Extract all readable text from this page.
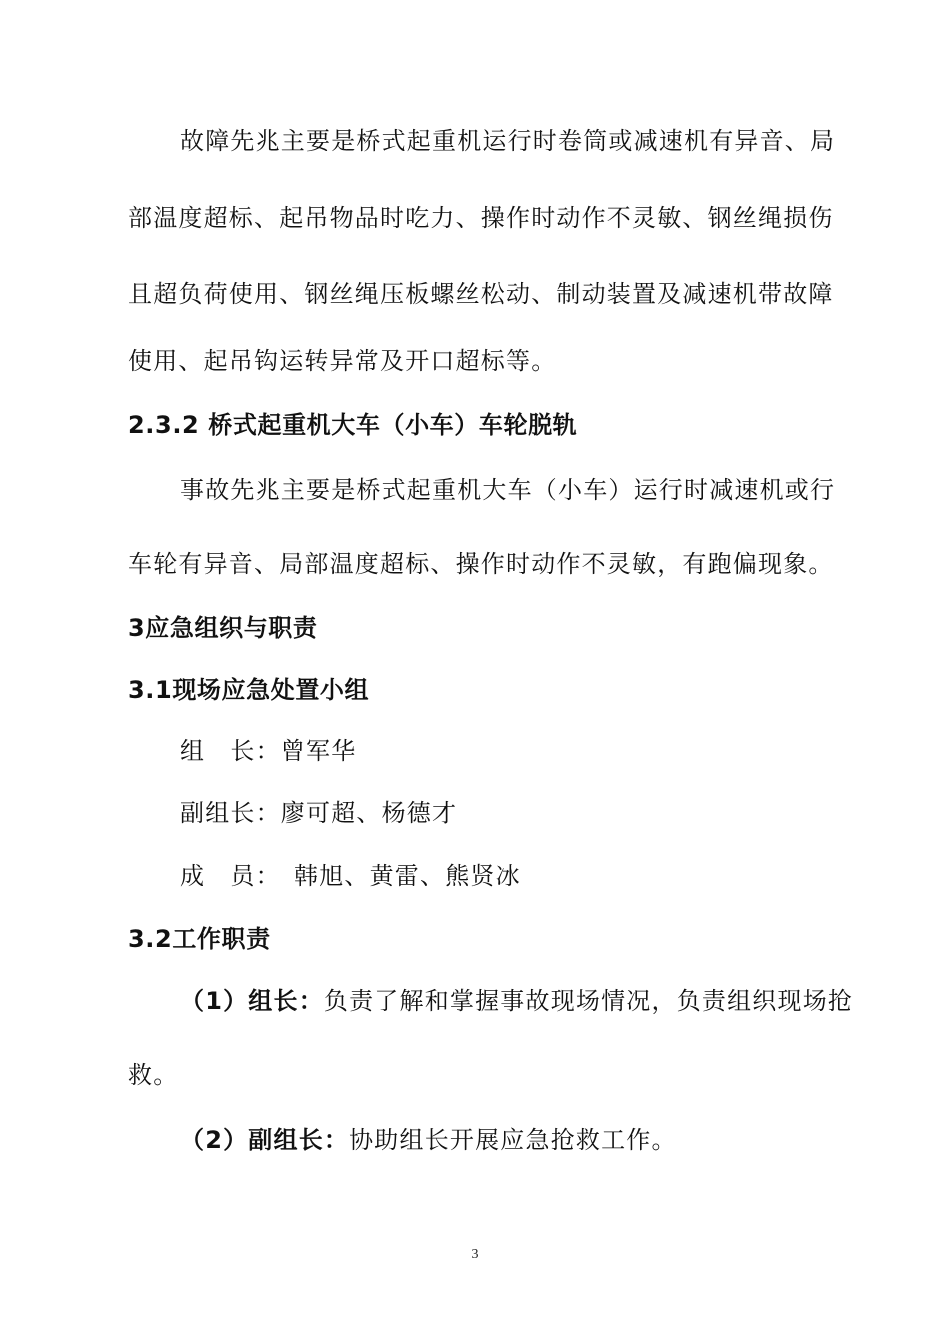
故障先兆主要是桥式起重机运行时卷筒或减速机有异音、局
部温度超标、起吊物品时吃力、操作时动作不灵敏、钢丝绳损伤
且超负荷使用、钢丝绳压板螺丝松动、制动装置及减速机带故障
使用、起吊钩运转异常及开口超标等。
2.3.2 桥式起重机大车（小车）车轮脱轨
事故先兆主要是桥式起重机大车（小车）运行时减速机或行
车轮有异音、局部温度超标、操作时动作不灵敏，有跑偏现象。
3应急组织与职责
3.1现场应急处置小组
组　长：曾军华
副组长：廖可超、杨德才
成　员：　韩旭、黄雷、熊贤冰
3.2工作职责
（1）组长：负责了解和掌握事故现场情况，负责组织现场抢
救。
（2）副组长：协助组长开展应急抢救工作。
3
